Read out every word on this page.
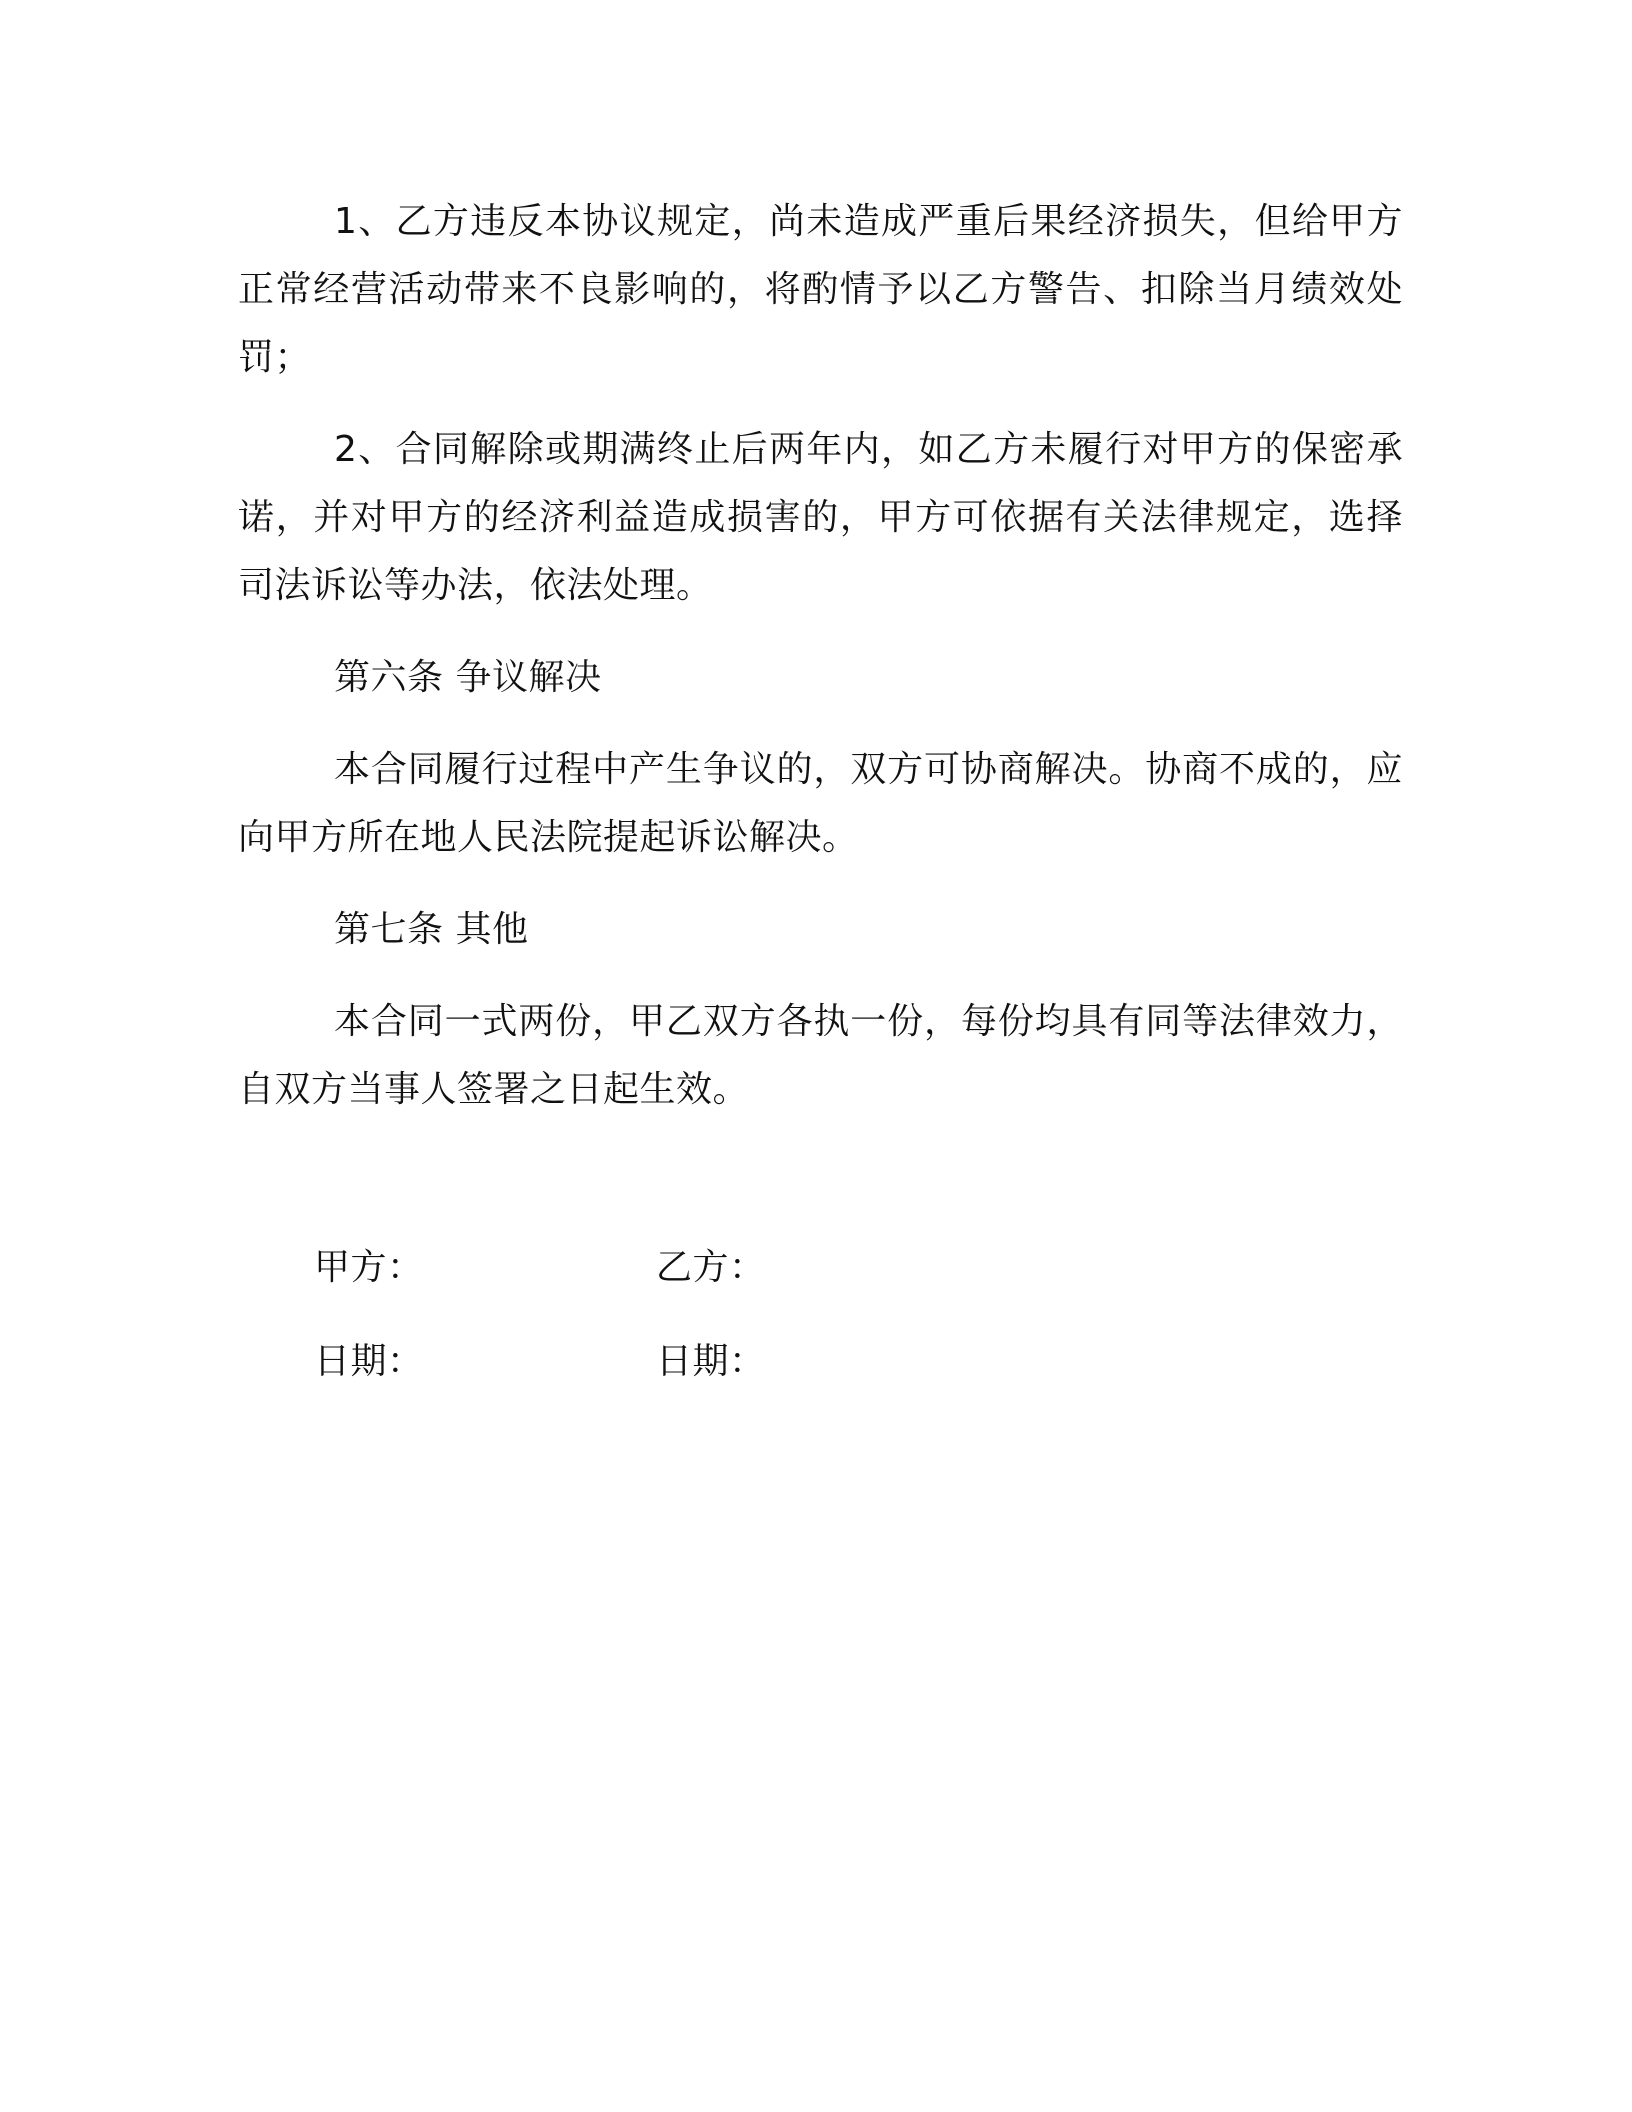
1、乙方违反本协议规定，尚未造成严重后果经济损失，但给甲方正常经营活动带来不良影响的，将酌情予以乙方警告、扣除当月绩效处罚；

2、合同解除或期满终止后两年内，如乙方未履行对甲方的保密承诺，并对甲方的经济利益造成损害的，甲方可依据有关法律规定，选择司法诉讼等办法，依法处理。

第六条 争议解决

本合同履行过程中产生争议的，双方可协商解决。协商不成的，应向甲方所在地人民法院提起诉讼解决。

第七条 其他

本合同一式两份，甲乙双方各执一份，每份均具有同等法律效力，自双方当事人签署之日起生效。

甲方：	乙方：
日期：	日期：
